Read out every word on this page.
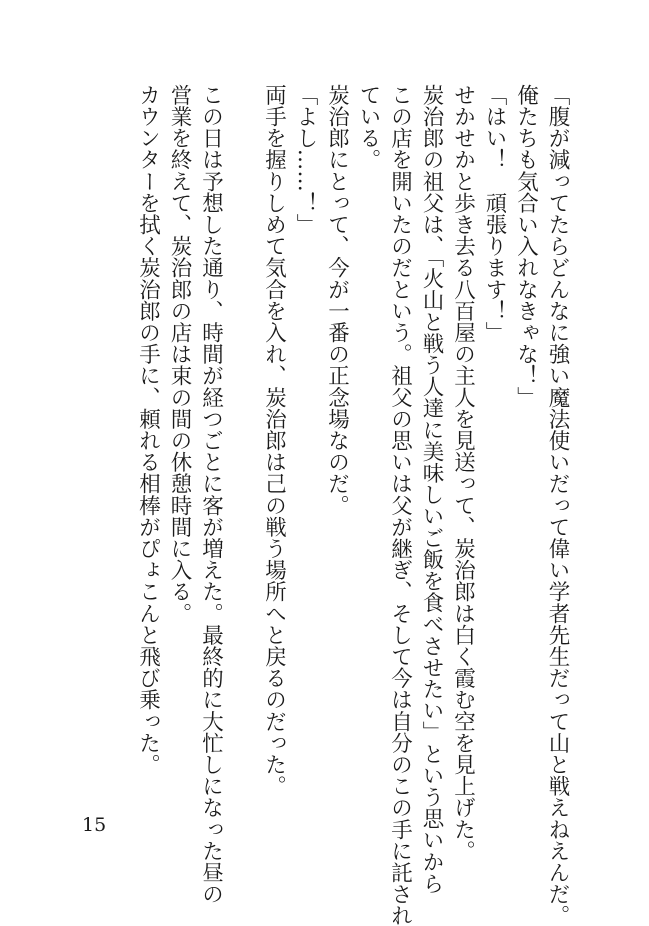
「腹が減ってたらどんなに強い魔法使いだって偉い学者先生だって山と戦えねえんだ。
俺たちも気合い入れなきゃな！」
「はい！　頑張ります！」
せかせかと歩き去る八百屋の主人を見送って、炭治郎は白く霞む空を見上げた。
炭治郎の祖父は、「火山と戦う人達に美味しいご飯を食べさせたい」という思いから
この店を開いたのだという。祖父の思いは父が継ぎ、そして今は自分のこの手に託され
ている。
炭治郎にとって、今が一番の正念場なのだ。
「よし……！」
両手を握りしめて気合を入れ、炭治郎は己の戦う場所へと戻るのだった。
この日は予想した通り、時間が経つごとに客が増えた。最終的に大忙しになった昼の
営業を終えて、炭治郎の店は束の間の休憩時間に入る。
カウンターを拭く炭治郎の手に、頼れる相棒がぴょこんと飛び乗った。
15
